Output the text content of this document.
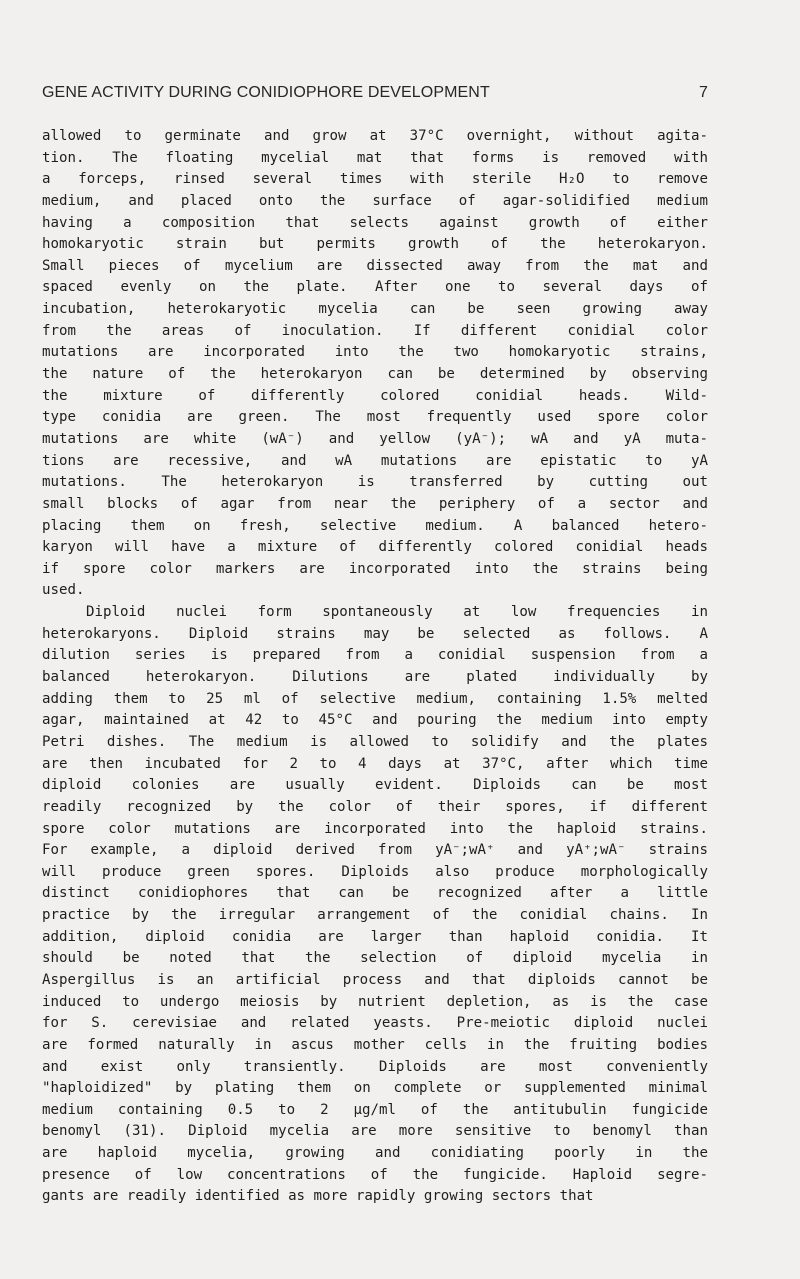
GENE ACTIVITY DURING CONIDIOPHORE DEVELOPMENT	7
allowed to germinate and grow at 37°C overnight, without agita-
tion. The floating mycelial mat that forms is removed with
a forceps, rinsed several times with sterile H₂O to remove
medium, and placed onto the surface of agar-solidified medium
having a composition that selects against growth of either
homokaryotic strain but permits growth of the heterokaryon.
Small pieces of mycelium are dissected away from the mat and
spaced evenly on the plate. After one to several days of
incubation, heterokaryotic mycelia can be seen growing away
from the areas of inoculation. If different conidial color
mutations are incorporated into the two homokaryotic strains,
the nature of the heterokaryon can be determined by observing
the mixture of differently colored conidial heads. Wild-
type conidia are green. The most frequently used spore color
mutations are white (wA⁻) and yellow (yA⁻); wA and yA muta-
tions are recessive, and wA mutations are epistatic to yA
mutations. The heterokaryon is transferred by cutting out
small blocks of agar from near the periphery of a sector and
placing them on fresh, selective medium. A balanced hetero-
karyon will have a mixture of differently colored conidial heads
if spore color markers are incorporated into the strains being
used.
Diploid nuclei form spontaneously at low frequencies in
heterokaryons. Diploid strains may be selected as follows. A
dilution series is prepared from a conidial suspension from a
balanced heterokaryon. Dilutions are plated individually by
adding them to 25 ml of selective medium, containing 1.5% melted
agar, maintained at 42 to 45°C and pouring the medium into empty
Petri dishes. The medium is allowed to solidify and the plates
are then incubated for 2 to 4 days at 37°C, after which time
diploid colonies are usually evident. Diploids can be most
readily recognized by the color of their spores, if different
spore color mutations are incorporated into the haploid strains.
For example, a diploid derived from yA⁻;wA⁺ and yA⁺;wA⁻ strains
will produce green spores. Diploids also produce morphologically
distinct conidiophores that can be recognized after a little
practice by the irregular arrangement of the conidial chains. In
addition, diploid conidia are larger than haploid conidia. It
should be noted that the selection of diploid mycelia in
Aspergillus is an artificial process and that diploids cannot be
induced to undergo meiosis by nutrient depletion, as is the case
for S. cerevisiae and related yeasts. Pre-meiotic diploid nuclei
are formed naturally in ascus mother cells in the fruiting bodies
and exist only transiently. Diploids are most conveniently
"haploidized" by plating them on complete or supplemented minimal
medium containing 0.5 to 2 µg/ml of the antitubulin fungicide
benomyl (31). Diploid mycelia are more sensitive to benomyl than
are haploid mycelia, growing and conidiating poorly in the
presence of low concentrations of the fungicide. Haploid segre-
gants are readily identified as more rapidly growing sectors that
